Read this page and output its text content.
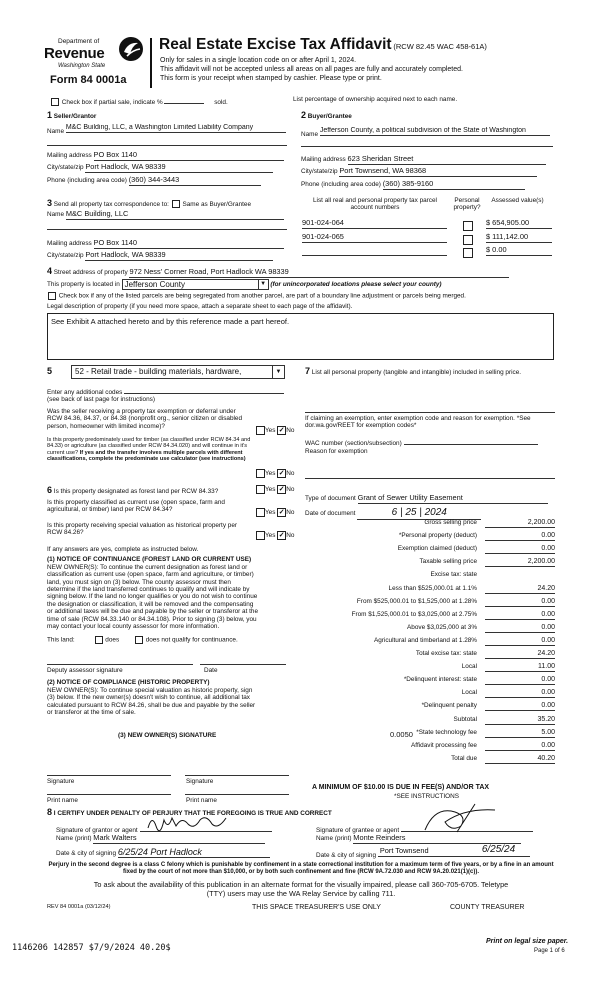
Department of
Revenue
Washington State
Form 84 0001a
Real Estate Excise Tax Affidavit (RCW 82.45 WAC 458-61A)
Only for sales in a single location code on or after April 1, 2024.
This affidavit will not be accepted unless all areas on all pages are fully and accurately completed.
This form is your receipt when stamped by cashier. Please type or print.
Check box if partial sale, indicate %	sold.	List percentage of ownership acquired next to each name.
1 Seller/Grantor
Name M&C Building, LLC, a Washington Limited Liability Company
Mailing address PO Box 1140
City/state/zip Port Hadlock, WA 98339
Phone (including area code) (360) 344-3443
2 Buyer/Grantee
Name Jefferson County, a political subdivision of the State of Washington
Mailing address 623 Sheridan Street
City/state/zip Port Townsend, WA 98368
Phone (including area code) (360) 385-9160
3 Send all property tax correspondence to: Same as Buyer/Grantee
Name M&C Building, LLC
Mailing address PO Box 1140
City/state/zip Port Hadlock, WA 98339
List all real and personal property tax parcel account numbers
Personal property?
Assessed value(s)
901-024-064	$ 654,905.00
901-024-065	$ 111,142.00
$ 0.00
4 Street address of property 972 Ness' Corner Road, Port Hadlock WA 98339
This property is located in Jefferson County	▼ (for unincorporated locations please select your county)
Check box if any of the listed parcels are being segregated from another parcel, are part of a boundary line adjustment or parcels being merged.
Legal description of property (if you need more space, attach a separate sheet to each page of the affidavit).
See Exhibit A attached hereto and by this reference made a part hereof.
5	52 - Retail trade - building materials, hardware,	▼
Enter any additional codes
(see back of last page for instructions)
Was the seller receiving a property tax exemption or deferral under RCW 84.36, 84.37, or 84.38 (nonprofit org., senior citizen or disabled person, homeowner with limited income)?
Yes ✓ No
Is this property predominately used for timber (as classified under RCW 84.34 and 84.33) or agriculture (as classified under RCW 84.34.020) and will continue in it's current use? If yes and the transfer involves multiple parcels with different classifications, complete the predominate use calculator (see instructions)
Yes ✓ No
6 Is this property designated as forest land per RCW 84.33?	Yes ✓ No
Is this property classified as current use (open space, farm and agricultural, or timber) land per RCW 84.34?	Yes ✓ No
Is this property receiving special valuation as historical property per RCW 84.26?	Yes ✓ No
If any answers are yes, complete as instructed below.
(1) NOTICE OF CONTINUANCE (FOREST LAND OR CURRENT USE)
NEW OWNER(S): To continue the current designation as forest land or classification as current use (open space, farm and agriculture, or timber) land, you must sign on (3) below. The county assessor must then determine if the land transferred continues to qualify and will indicate by signing below. If the land no longer qualifies or you do not wish to continue the designation or classification, it will be removed and the compensating or additional taxes will be due and payable by the seller or transferor at the time of sale (RCW 84.33.140 or 84.34.108). Prior to signing (3) below, you may contact your local county assessor for more information.
This land:	does	does not qualify for continuance.
Deputy assessor signature	Date
(2) NOTICE OF COMPLIANCE (HISTORIC PROPERTY)
NEW OWNER(S): To continue special valuation as historic property, sign (3) below. If the new owner(s) doesn't wish to continue, all additional tax calculated pursuant to RCW 84.26, shall be due and payable by the seller or transferor at the time of sale.
(3) NEW OWNER(S) SIGNATURE
Signature	Signature
Print name	Print name
7 List all personal property (tangible and intangible) included in selling price.
If claiming an exemption, enter exemption code and reason for exemption. *See dor.wa.gov/REET for exemption codes*
WAC number (section/subsection)
Reason for exemption
Type of document Grant of Sewer Utility Easement
Date of document	6 | 25 | 2024
Gross selling price	2,200.00
*Personal property (deduct)	0.00
Exemption claimed (deduct)	0.00
Taxable selling price	2,200.00
Excise tax: state
Less than $525,000.01 at 1.1%	24.20
From $525,000.01 to $1,525,000 at 1.28%	0.00
From $1,525,000.01 to $3,025,000 at 2.75%	0.00
Above $3,025,000 at 3%	0.00
Agricultural and timberland at 1.28%	0.00
Total excise tax: state	24.20
Local	11.00
*Delinquent interest: state	0.00
Local	0.00
*Delinquent penalty	0.00
Subtotal	35.20
*State technology fee	5.00
Affidavit processing fee	0.00
Total due	40.20
0.0050
A MINIMUM OF $10.00 IS DUE IN FEE(S) AND/OR TAX
*SEE INSTRUCTIONS
8 I CERTIFY UNDER PENALTY OF PERJURY THAT THE FOREGOING IS TRUE AND CORRECT
Signature of grantor or agent
Name (print) Mark Walters
Date & city of signing 6/25/24 Port Hadlock
Signature of grantee or agent
Name (print) Monte Reinders
Date & city of signing
Port Townsend	6/25/24
Perjury in the second degree is a class C felony which is punishable by confinement in a state correctional institution for a maximum term of five years, or by a fine in an amount fixed by the court of not more than $10,000, or by both such confinement and fine (RCW 9A.72.030 and RCW 9A.20.021(1)(c)).
To ask about the availability of this publication in an alternate format for the visually impaired, please call 360-705-6705. Teletype
(TTY) users may use the WA Relay Service by calling 711.
REV 84 0001a (03/12/24)	THIS SPACE TREASURER'S USE ONLY	COUNTY TREASURER
1146206 142857 $7/9/2024 40.20$
Print on legal size paper.
Page 1 of 6
